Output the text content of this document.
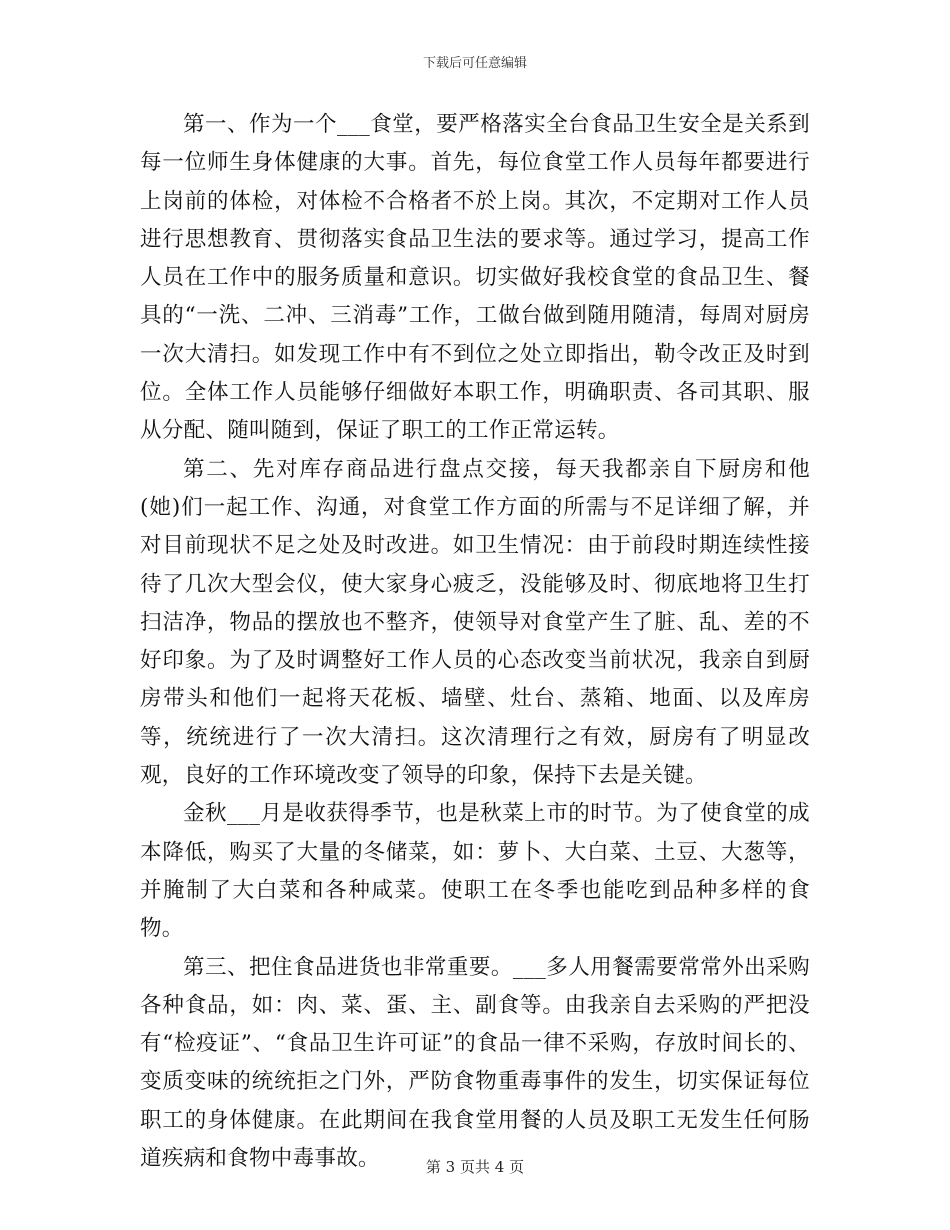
下载后可任意编辑

第一、作为一个___食堂，要严格落实全台食品卫生安全是关系到每一位师生身体健康的大事。首先，每位食堂工作人员每年都要进行上岗前的体检，对体检不合格者不於上岗。其次，不定期对工作人员进行思想教育、贯彻落实食品卫生法的要求等。通过学习，提高工作人员在工作中的服务质量和意识。切实做好我校食堂的食品卫生、餐具的“一洗、二冲、三消毒”工作，工做台做到随用随清，每周对厨房一次大清扫。如发现工作中有不到位之处立即指出，勒令改正及时到位。全体工作人员能够仔细做好本职工作，明确职责、各司其职、服从分配、随叫随到，保证了职工的工作正常运转。

第二、先对库存商品进行盘点交接，每天我都亲自下厨房和他(她)们一起工作、沟通，对食堂工作方面的所需与不足详细了解，并对目前现状不足之处及时改进。如卫生情况：由于前段时期连续性接待了几次大型会仪，使大家身心疲乏，没能够及时、彻底地将卫生打扫洁净，物品的摆放也不整齐，使领导对食堂产生了脏、乱、差的不好印象。为了及时调整好工作人员的心态改变当前状况，我亲自到厨房带头和他们一起将天花板、墙壁、灶台、蒸箱、地面、以及库房等，统统进行了一次大清扫。这次清理行之有效，厨房有了明显改观，良好的工作环境改变了领导的印象，保持下去是关键。

金秋___月是收获得季节，也是秋菜上市的时节。为了使食堂的成本降低，购买了大量的冬储菜，如：萝卜、大白菜、土豆、大葱等，并腌制了大白菜和各种咸菜。使职工在冬季也能吃到品种多样的食物。

第三、把住食品进货也非常重要。___多人用餐需要常常外出采购各种食品，如：肉、菜、蛋、主、副食等。由我亲自去采购的严把没有“检疫证”、“食品卫生许可证”的食品一律不采购，存放时间长的、变质变味的统统拒之门外，严防食物重毒事件的发生，切实保证每位职工的身体健康。在此期间在我食堂用餐的人员及职工无发生任何肠道疾病和食物中毒事故。	第 3 页共 4 页
